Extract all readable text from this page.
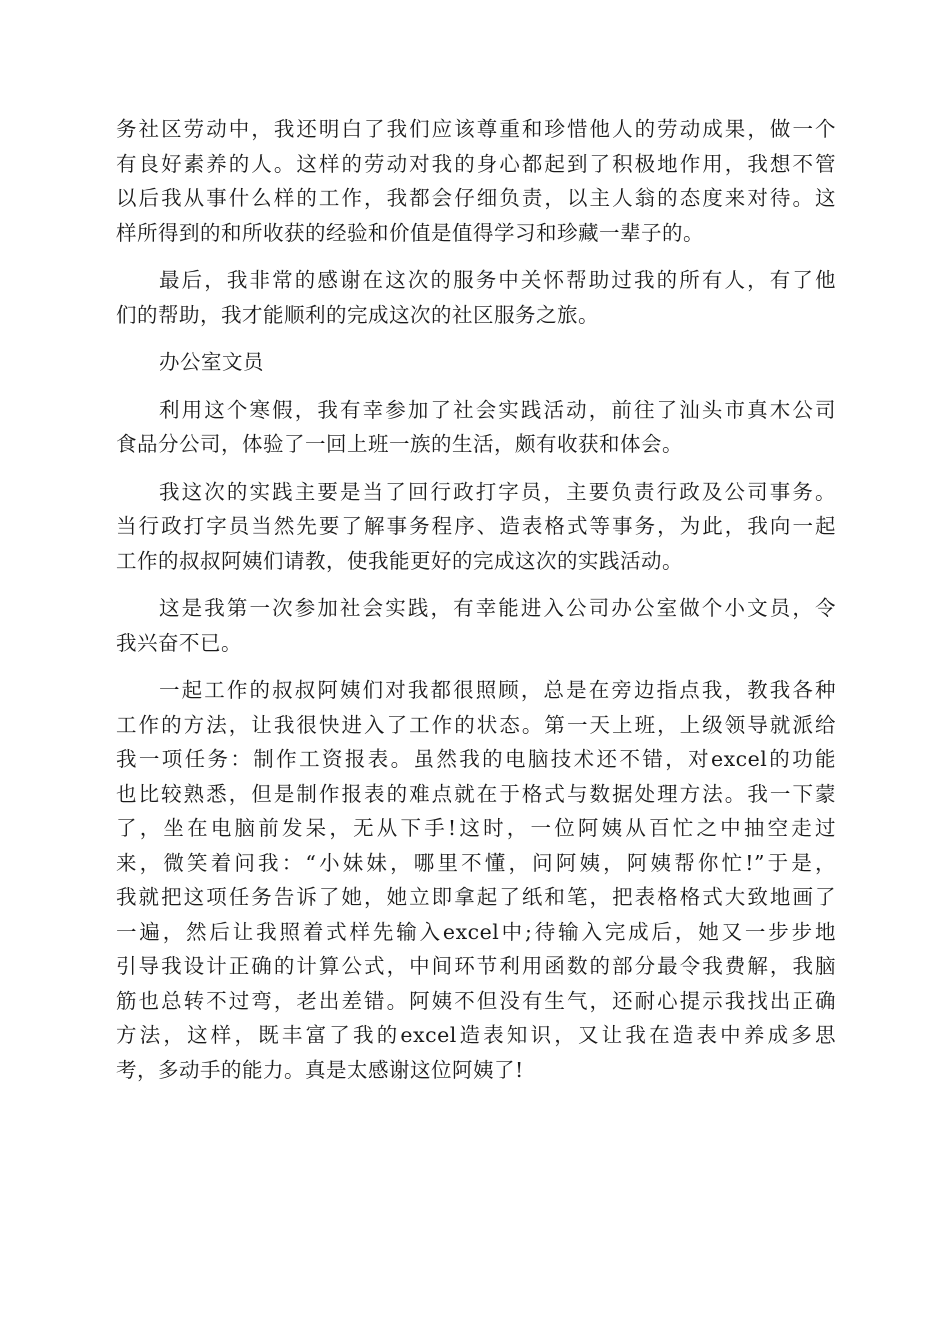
务社区劳动中，我还明白了我们应该尊重和珍惜他人的劳动成果，做一个
有良好素养的人。这样的劳动对我的身心都起到了积极地作用，我想不管
以后我从事什么样的工作，我都会仔细负责，以主人翁的态度来对待。这
样所得到的和所收获的经验和价值是值得学习和珍藏一辈子的。
最后，我非常的感谢在这次的服务中关怀帮助过我的所有人，有了他
们的帮助，我才能顺利的完成这次的社区服务之旅。
办公室文员
利用这个寒假，我有幸参加了社会实践活动，前往了汕头市真木公司
食品分公司，体验了一回上班一族的生活，颇有收获和体会。
我这次的实践主要是当了回行政打字员，主要负责行政及公司事务。
当行政打字员当然先要了解事务程序、造表格式等事务，为此，我向一起
工作的叔叔阿姨们请教，使我能更好的完成这次的实践活动。
这是我第一次参加社会实践，有幸能进入公司办公室做个小文员，令
我兴奋不已。
一起工作的叔叔阿姨们对我都很照顾，总是在旁边指点我，教我各种
工作的方法，让我很快进入了工作的状态。第一天上班，上级领导就派给
我一项任务：制作工资报表。虽然我的电脑技术还不错，对excel的功能
也比较熟悉，但是制作报表的难点就在于格式与数据处理方法。我一下蒙
了，坐在电脑前发呆，无从下手!这时，一位阿姨从百忙之中抽空走过
来，微笑着问我：“小妹妹，哪里不懂，问阿姨，阿姨帮你忙!”于是，
我就把这项任务告诉了她，她立即拿起了纸和笔，把表格格式大致地画了
一遍，然后让我照着式样先输入excel中;待输入完成后，她又一步步地
引导我设计正确的计算公式，中间环节利用函数的部分最令我费解，我脑
筋也总转不过弯，老出差错。阿姨不但没有生气，还耐心提示我找出正确
方法，这样，既丰富了我的excel造表知识，又让我在造表中养成多思
考，多动手的能力。真是太感谢这位阿姨了!
